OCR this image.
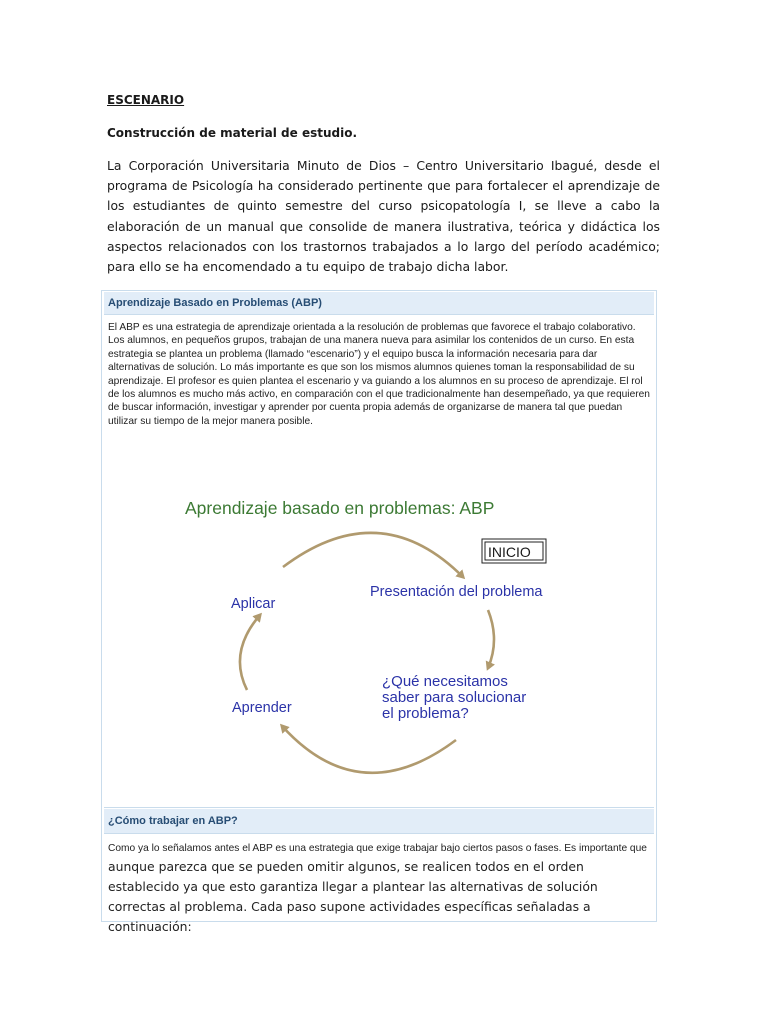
ESCENARIO
Construcción de material de estudio.

La Corporación Universitaria Minuto de Dios – Centro Universitario Ibagué, desde el programa de Psicología ha considerado pertinente que para fortalecer el aprendizaje de los estudiantes de quinto semestre del curso psicopatología I, se lleve a cabo la elaboración de un manual que consolide de manera ilustrativa, teórica y didáctica los aspectos relacionados con los trastornos trabajados a lo largo del período académico; para ello se ha encomendado a tu equipo de trabajo dicha labor.

Aprendizaje Basado en Problemas (ABP)

El ABP es una estrategia de aprendizaje orientada a la resolución de problemas que favorece el trabajo colaborativo. Los alumnos, en pequeños grupos, trabajan de una manera nueva para asimilar los contenidos de un curso. En esta estrategia se plantea un problema (llamado “escenario”) y el equipo busca la información necesaria para dar alternativas de solución. Lo más importante es que son los mismos alumnos quienes toman la responsabilidad de su aprendizaje. El profesor es quien plantea el escenario y va guiando a los alumnos en su proceso de aprendizaje. El rol de los alumnos es mucho más activo, en comparación con el que tradicionalmente han desempeñado, ya que requieren de buscar información, investigar y aprender por cuenta propia además de organizarse de manera tal que puedan utilizar su tiempo de la mejor manera posible.

¿Cómo trabajar en ABP?

Como ya lo señalamos antes el ABP es una estrategia que exige trabajar bajo ciertos pasos o fases. Es importante que aunque parezca que se pueden omitir algunos, se realicen todos en el orden establecido ya que esto garantiza llegar a plantear las alternativas de solución correctas al problema. Cada paso supone actividades específicas señaladas a continuación:

Aprendizaje basado en problemas: ABP
INICIO
Presentación del problema
¿Qué necesitamos
saber para solucionar
el problema?
Aprender
Aplicar
